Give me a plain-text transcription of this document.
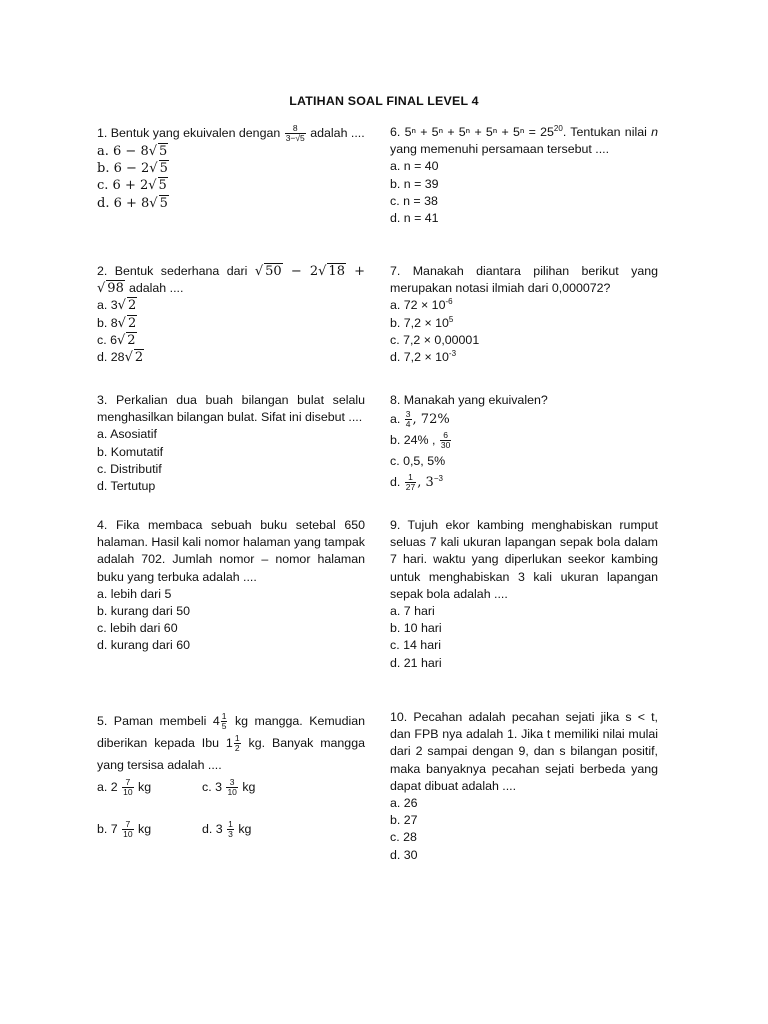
LATIHAN SOAL FINAL LEVEL 4
1. Bentuk yang ekuivalen dengan $\frac{8}{3-√5}$ adalah ....
a. 6 − 8√ 5
b. 6 − 2√ 5
c. 6 + 2√ 5
d. 6 + 8√ 5
2. Bentuk sederhana dari √ 50 − 2√ 18 + √ 98 adalah ....
a. 3√ 2
b. 8√ 2
c. 6√ 2
d. 28√ 2
3. Perkalian dua buah bilangan bulat selalu menghasilkan bilangan bulat. Sifat ini disebut ....
a. Asosiatif
b. Komutatif
c. Distributif
d. Tertutup
4. Fika membaca sebuah buku setebal 650 halaman. Hasil kali nomor halaman yang tampak adalah 702. Jumlah nomor – nomor halaman buku yang terbuka adalah ....
a. lebih dari 5
b. kurang dari 50
c. lebih dari 60
d. kurang dari 60
5. Paman membeli $4 \frac{1}{5}$ kg mangga. Kemudian diberikan kepada Ibu $1 \frac{1}{2}$ kg. Banyak mangga yang tersisa adalah ....
a. $2 \frac{7}{10}$ kg	c. $3 \frac{3}{10}$ kg
b. $7 \frac{7}{10}$ kg	d. $3 \frac{1}{3}$ kg
6. $5^n + 5^n + 5^n + 5^n + 5^n = 25^{20}$. Tentukan nilai n yang memenuhi persamaan tersebut ....
a. n = 40
b. n = 39
c. n = 38
d. n = 41
7. Manakah diantara pilihan berikut yang merupakan notasi ilmiah dari 0,000072?
a. $72 \times 10^{-6}$
b. $7,2 \times 10^5$
c. 7,2 × 0,00001
d. $7,2 \times 10^{-3}$
8. Manakah yang ekuivalen?
a. $\frac{3}{4}$ , 72%
b. 24% , $\frac{6}{30}$
c. 0,5, 5%
d. $\frac{1}{27}$ , $3^{-3}$
9. Tujuh ekor kambing menghabiskan rumput seluas 7 kali ukuran lapangan sepak bola dalam 7 hari. waktu yang diperlukan seekor kambing untuk menghabiskan 3 kali ukuran lapangan sepak bola adalah ....
a. 7 hari
b. 10 hari
c. 14 hari
d. 21 hari
10. Pecahan adalah pecahan sejati jika s < t, dan FPB nya adalah 1. Jika t memiliki nilai mulai dari 2 sampai dengan 9, dan s bilangan positif, maka banyaknya pecahan sejati berbeda yang dapat dibuat adalah ....
a. 26
b. 27
c. 28
d. 30
